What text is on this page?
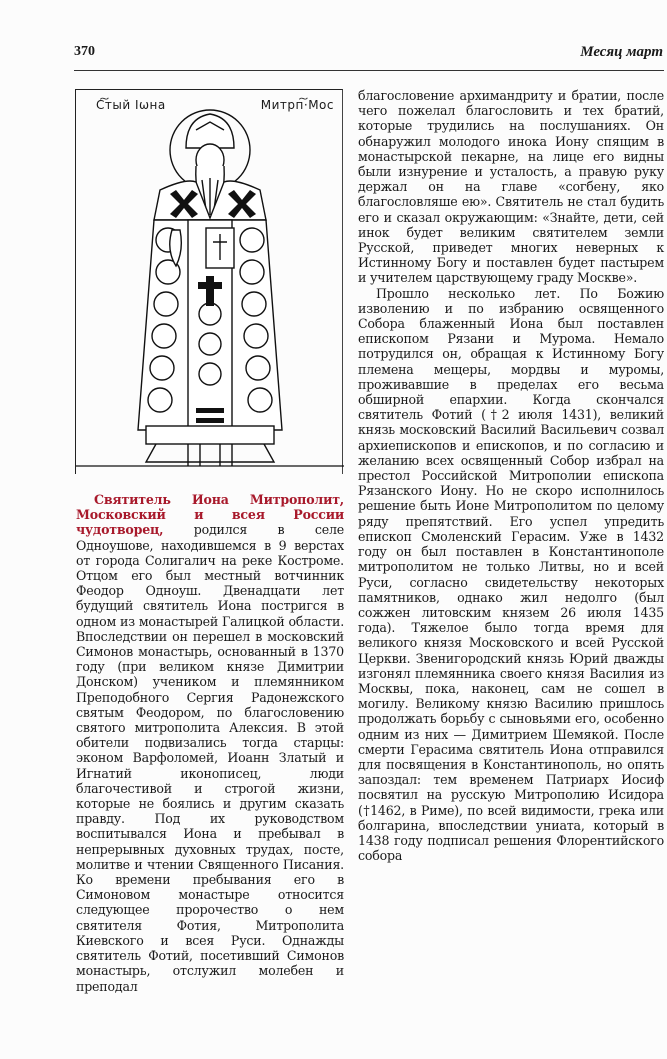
370	Месяц март
С͠тый Іѡна	Митрп͠·Мос

Святитель Иона Митрополит, Московский и всея России чудотворец, родился в селе Одноушове, находившемся в 9 верстах от города Солигалич на реке Костроме. Отцом его был местный вотчинник Феодор Одноуш. Двенадцати лет будущий святитель Иона постригся в одном из монастырей Галицкой области. Впоследствии он перешел в московский Симонов монастырь, основанный в 1370 году (при великом князе Димитрии Донском) учеником и племянником Преподобного Сергия Радонежского святым Феодором, по благословению святого митрополита Алексия. В этой обители подвизались тогда старцы: эконом Варфоломей, Иоанн Златый и Игнатий иконописец, люди благочестивой и строгой жизни, которые не боялись и другим сказать правду. Под их руководством воспитывался Иона и пребывал в непрерывных духовных трудах, посте, молитве и чтении Священного Писания. Ко времени пребывания его в Симоновом монастыре относится следующее пророчество о нем святителя Фотия, Митрополита Киевского и всея Руси. Однажды святитель Фотий, посетивший Симонов монастырь, отслужил молебен и преподал

благословение архимандриту и братии, после чего пожелал благословить и тех братий, которые трудились на послушаниях. Он обнаружил молодого инока Иону спящим в монастырской пекарне, на лице его видны были изнурение и усталость, а правую руку держал он на главе «согбену, яко благословляше ею». Святитель не стал будить его и сказал окружающим: «Знайте, дети, сей инок будет великим святителем земли Русской, приведет многих неверных к Истинному Богу и поставлен будет пастырем и учителем царствующему граду Москве».

Прошло несколько лет. По Божию изволению и по избранию освященного Собора блаженный Иона был поставлен епископом Рязани и Мурома. Немало потрудился он, обращая к Истинному Богу племена мещеры, мордвы и муромы, проживавшие в пределах его весьма обширной епархии. Когда скончался святитель Фотий (†2 июля 1431), великий князь московский Василий Васильевич созвал архиепископов и епископов, и по согласию и желанию всех освященный Собор избрал на престол Российской Митрополии епископа Рязанского Иону. Но не скоро исполнилось решение быть Ионе Митрополитом по целому ряду препятствий. Его успел упредить епископ Смоленский Герасим. Уже в 1432 году он был поставлен в Константинополе митрополитом не только Литвы, но и всей Руси, согласно свидетельству некоторых памятников, однако жил недолго (был сожжен литовским князем 26 июля 1435 года). Тяжелое было тогда время для великого князя Московского и всей Русской Церкви. Звенигородский князь Юрий дважды изгонял племянника своего князя Василия из Москвы, пока, наконец, сам не сошел в могилу. Великому князю Василию пришлось продолжать борьбу с сыновьями его, особенно одним из них — Димитрием Шемякой. После смерти Герасима святитель Иона отправился для посвящения в Константинополь, но опять запоздал: тем временем Патриарх Иосиф посвятил на русскую Митрополию Исидора (†1462, в Риме), по всей видимости, грека или болгарина, впоследствии униата, который в 1438 году подписал решения Флорентийского собора
